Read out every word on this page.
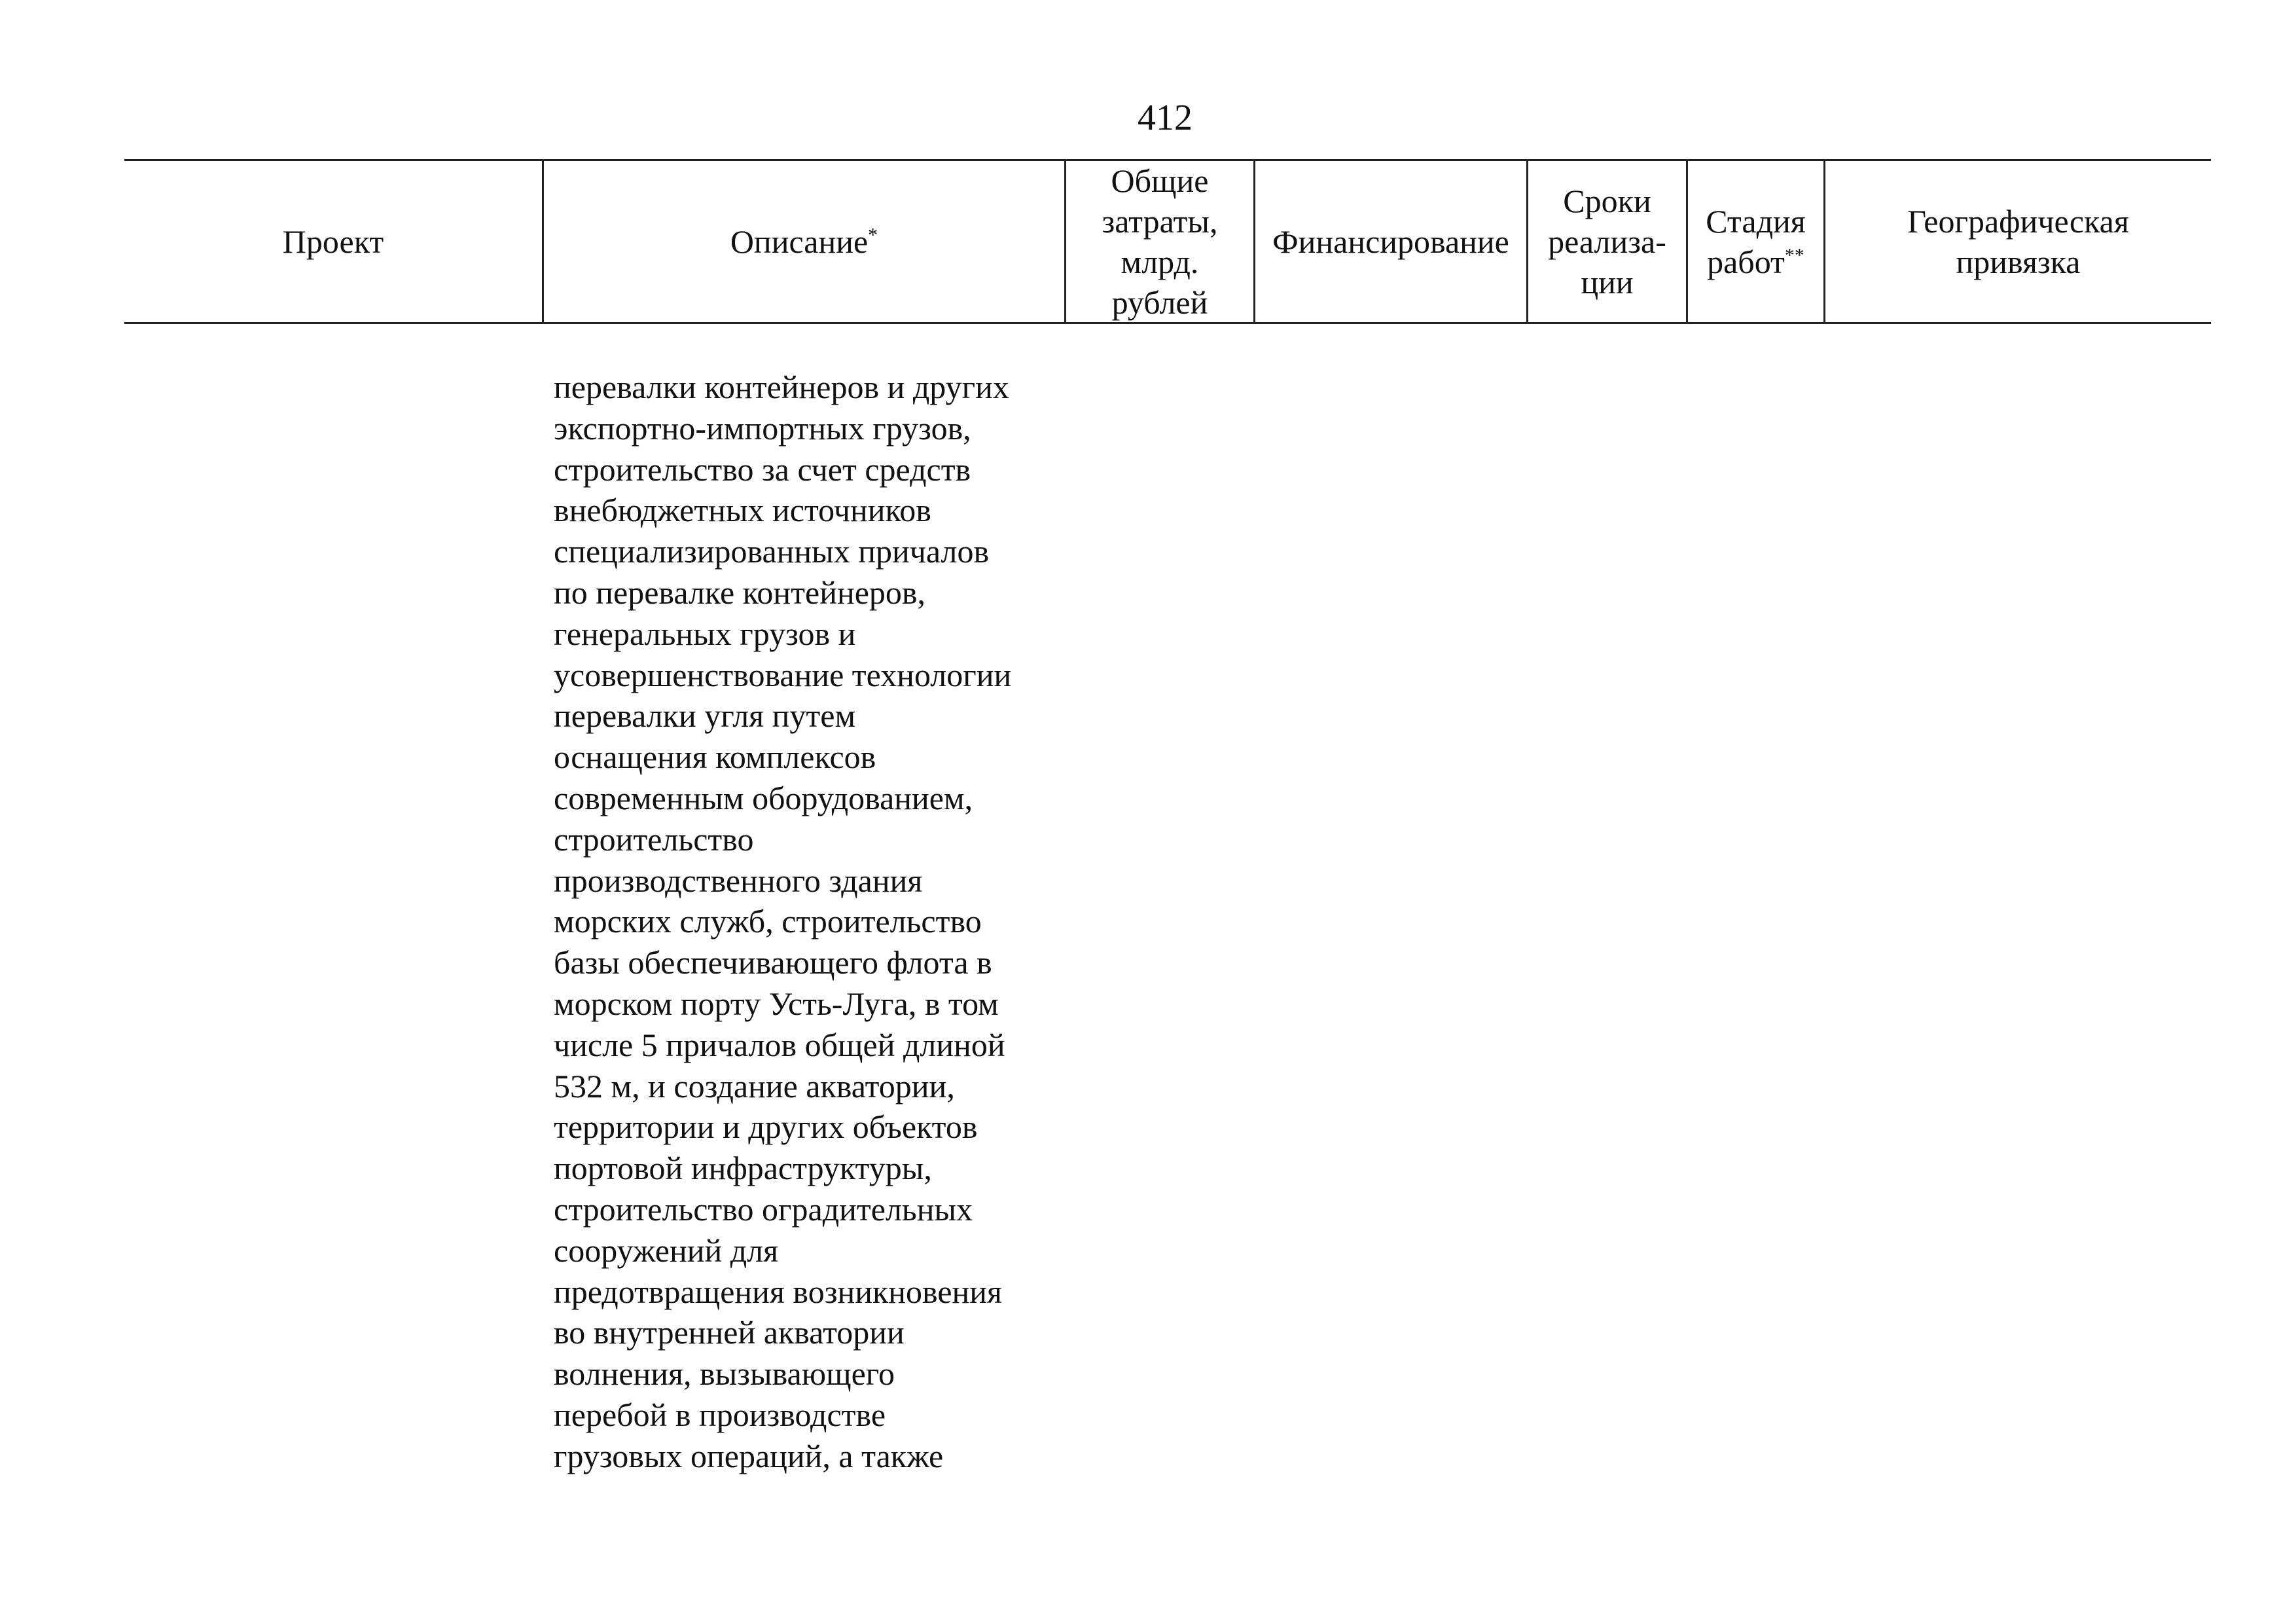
412
Проект	Описание*
Общие
затраты,
млрд.
рублей
Финансирование
Сроки
реализа-
ции
Стадия
работ**
Географическая
привязка
перевалки контейнеров и других
экспортно-импортных грузов,
строительство за счет средств
внебюджетных источников
специализированных причалов
по перевалке контейнеров,
генеральных грузов и
усовершенствование технологии
перевалки угля путем
оснащения комплексов
современным оборудованием,
строительство
производственного здания
морских служб, строительство
базы обеспечивающего флота в
морском порту Усть-Луга, в том
числе 5 причалов общей длиной
532 м, и создание акватории,
территории и других объектов
портовой инфраструктуры,
строительство оградительных
сооружений для
предотвращения возникновения
во внутренней акватории
волнения, вызывающего
перебой в производстве
грузовых операций, а также
